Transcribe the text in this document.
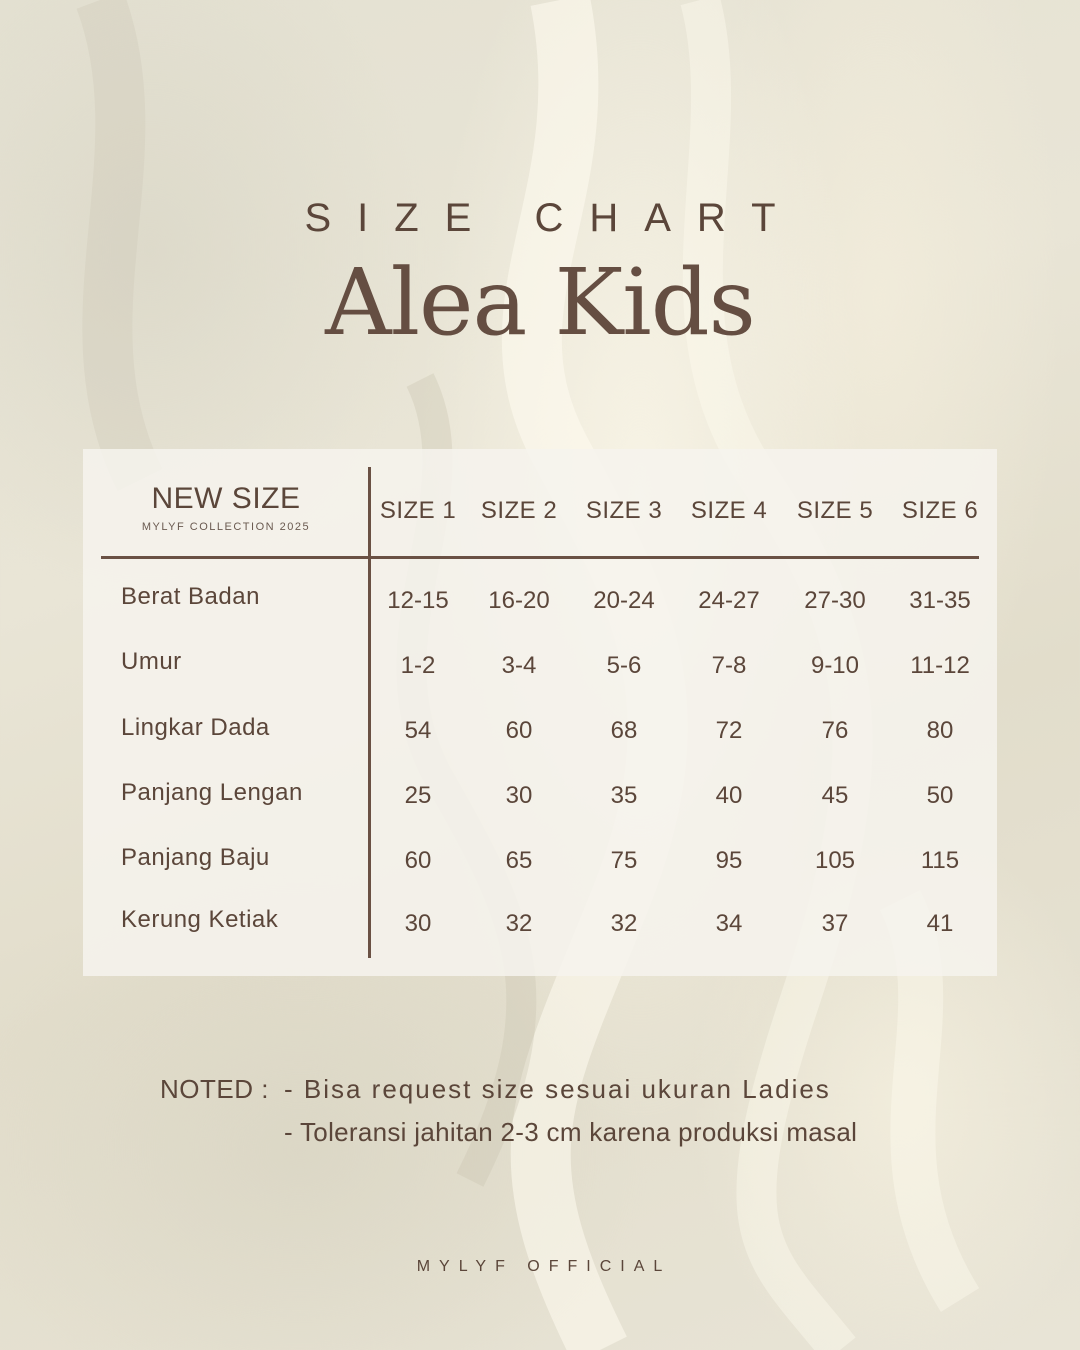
SIZE CHART
Alea Kids
NEW SIZE
MYLYF COLLECTION 2025
SIZE 1	SIZE 2	SIZE 3	SIZE 4	SIZE 5	SIZE 6
Berat Badan	12-15	16-20	20-24	24-27	27-30	31-35
Umur	1-2	3-4	5-6	7-8	9-10	11-12
Lingkar Dada	54	60	68	72	76	80
Panjang Lengan	25	30	35	40	45	50
Panjang Baju	60	65	75	95	105	115
Kerung Ketiak	30	32	32	34	37	41
NOTED : - Bisa request size sesuai ukuran Ladies
- Toleransi jahitan 2-3 cm karena produksi masal
MYLYF OFFICIAL
